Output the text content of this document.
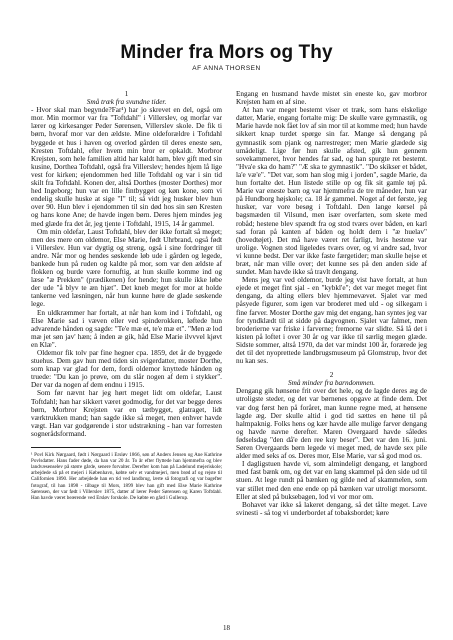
Minder fra Mors og Thy
AF ANNA THORSEN
1
Små træk fra svundne tider.

- Hvor skal man begynde?Far¹) har jo skrevet en del, også om mor. Min mormor var fra "Toftdahl" i Villerslev, og morfar var lærer og kirkesanger Peder Sørensen, Villerslev skole. De fik ti børn, hvoraf mor var den ældste. Mine oldeforældre i Toftdahl byggede et hus i haven og overlod gården til deres eneste søn, Kresten Toftdahl, efter hvem min bror er opkaldt. Morbror Krejsten, som hele familien altid har kaldt ham, blev gift med sin kusine, Dorthea Toftdahl, også fra Villerslev; hendes hjem lå lige vest for kirken; ejendommen hed lille Toftdahl og var i sin tid skilt fra Toftdahl. Konen der, altså Dorthes (moster Dorthes) mor hed Ingeborg; hun var en lille fintbygget og køn kone, som vi endelig skulle huske at sige "I" til; så vidt jeg husker blev hun over 90. Hun blev i ejendommen til sin død hos sin søn Kresten og hans kone Ane; de havde ingen børn. Deres hjem mindes jeg med glæde fra det år, jeg tjente i Toftdahl, 1915, 14 år gammel.

Om min oldefar, Laust Toftdahl, blev der ikke fortalt så meget; men des mere om oldemor, Else Marie, født Uhrbrand, også født i Villerslev. Hun var dygtig og streng, også i sine fordringer til andre. Når mor og hendes søskende løb ude i gården og legede, bankede hun på ruden og kaldte på mor, som var den ældste af flokken og burde være fornuftig, at hun skulle komme ind og læse "æ Prekken" (prædikenen) for hende; hun skulle ikke løbe der ude "å blyv te æn hjæt". Det kneb meget for mor at holde tankerne ved læsningen, når hun kunne høre de glade søskende lege.

En uldkræmmer har fortalt, at når han kom ind i Toftdahl, og Else Marie sad i væven eller ved spinderokken, løftede hun advarende hånden og sagde: "Te'e mæ et, te'e mæ et". "Men æ lod mæ jet søn jav' hæn; å inden æ gik, håd Else Marie ilvvvel kjøvt en Klæ".

Oldemor fik tolv par fine hegner cpa. 1859, det år de byggede stuehus. Dem gav hun med tiden sin svigerdatter, moster Dorthe, som knap var glad for dem, fordi oldemor knyttede hånden og truede: "Du kan jo prøve, om du slår nogen af dem i stykker". Der var da nogen af dem endnu i 1915.

Som før nævnt har jeg hørt meget lidt om oldefar, Laust Toftdahl; han har sikkert været godmodig, for det var begge deres børn, Morbror Krejsten var en tætbygget, glatraget, lidt værktrukken mand; han sagde ikke så meget, men enhver havde vægt. Han var godgørende i stor udstrækning - han var forresten sognerådsformand.

¹ Povl Kirk Nørgaard, født i Nørgaard i Ersløv 1866, søn af Anders Jensen og Ane Kathrine Povlsdatter. Hans fader døde, da han var 20 år. To år efter flyttede han hjemmefra og blev landvæsenselev på større gårde, senere forvalter. Derefter kom han på Ladelund mejeriskole; arbejdede så på et mejeri i København, købte selv et vandmejeri, men brød af og rejste til Californien 1890. Her arbejdede han en tid ved landbrug, lærte så fotografi og var bagefter fotograf, til han 1898 - tilbage til Mors, 1899 blev han gift med Else Marie Kathrine Sørensen, der var født i Villerslev 1875, datter af lærer Peder Sørensen og Karen Toftdahl. Han havde været beærende ved Ersløv forskole. De købte en gård i Gullerup.

Engang en husmand havde mistet sin eneste ko, gav morbror Krejsten ham en af sine.

At han var meget bestemt viser et træk, som hans elskelige datter, Marie, engang fortalte mig: De skulle være gymnastik, og Marie havde nok fået lov af sin mor til at komme med; hun havde sikkert knap turdet spørge sin far. Mange så dengang på gymnastik som pjank og narrestreger; men Marie glædede sig umådeligt. Lige før hun skulle afsted, gik hun gennem sovekammeret, hvor hendes far sad, og han spurgte ret bestemt. "Hva'e ska do ham?" "Æ ska te gymnastik". "Do skikser et bådet, la'e væ'e". "Det var, som han slog mig i jorden", sagde Marie, da hun fortalte det. Hun listede stille op og fik sit gamle tøj på. Marie var eneste barn og var hjemmefra de tre måneder, hun var på Hundborg højskole; ca. 18 år gammel. Noget af det første, jeg husker, var vore besøg i Toftdahl. Den lange kørsel på bagsmæden til Vilsund, men især overfarten, som skete med robåd; hestene blev spændt fra og stod tværs over båden, en karl sad foran på kanten af båden og holdt dem i "æ huelav" (hovedtøjet). Det må have været ret farligt, hvis hestene var urolige. Vognen stod ligeledes tværs over, og vi andre sad, hvor vi kunne bedst. Der var ikke faste færgetider; man skulle hejse et bræt, når man ville over; det kunne ses på den anden side af sundet. Man havde ikke så travlt dengang.

Mens jeg var ved oldemor, burde jeg vist have fortalt, at hun ejede et meget fint sjal - en "kybkl'e"; det var meget meget fint dengang, da alting ellers blev hjemmevævet. Sjalet var med påsyede figurer, som igen var broderet med uld - og silkegarn i fine farver. Moster Dorthe gav mig det engang, han syntes jeg var for tyndklædt til at sidde på dagvognen. Sjalet var falmet, men broderierne var friske i farverne; fremorne var slidte. Så lå det i kisten på loftet i over 30 år og var ikke til særlig megen glæde. Sidste sommer, altså 1970, da det var mindst 100 år, forærede jeg det til det nyoprettede landbrugsmuseum på Glomstrup, hvor det nu kan ses.

2
Små minder fra barndommen.

Dengang gik hønsene frit over det hele, og de lagde deres æg de utroligste steder, og det var børnenes opgave at finde dem. Det var dog først hen på foråret, man kunne regne med, at hønsene lagde æg. Der skulle altid i god tid sættes en høne til på halmpaknig. Folks hens og kær havde alle mulige farver dengang og havde navne derefter. Maren Overgaard havde således fødselsdag "den då'e den ree kuy beser". Det var den 16. juni. Søren Overgaards børn legede vi meget med, de havde sex pile alder med seks af os. Deres mor, Else Marie, var så god mod os.

I dagligstuen havde vi, som almindeligt dengang, et langbord med fast bænk om, og det var en lang skammel på den side ud til stuen. At lege rundt på bænken og gilde ned af skammelen, som var stillet med den ene ende op på bænken var utroligt morsomt. Eller at sled på buksebagen, lod vi vor mor om.

Bohavet var ikke så lakeret dengang, så det tålte meget. Lave svinesti - så tog vi underbordet af tobaksbordet; køre

18
